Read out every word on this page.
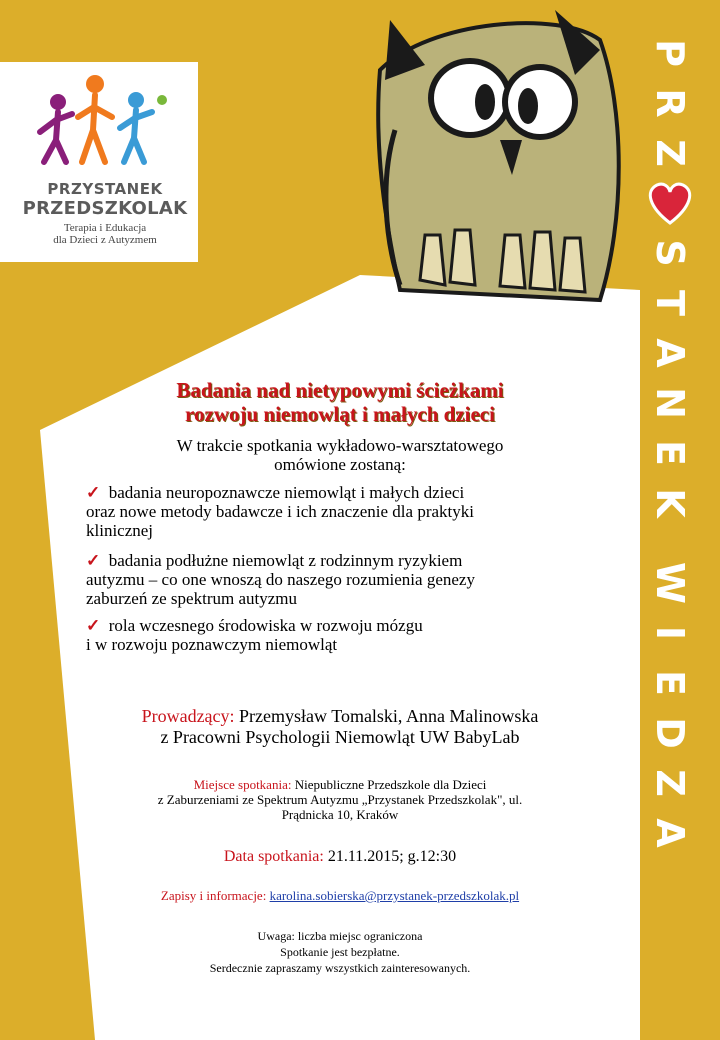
PRZYSTANEK
PRZEDSZKOLAK
Terapia i Edukacja
dla Dzieci z Autyzmem
P
R
Z
S
T
A
N
E
K
W
I
E
D
Z
A
Badania nad nietypowymi ścieżkami
rozwoju niemowląt i małych dzieci
W trakcie spotkania wykładowo-warsztatowego
omówione zostaną:
✓ badania neuropoznawcze niemowląt i małych dzieci
oraz nowe metody badawcze i ich znaczenie dla praktyki
klinicznej
✓ badania podłużne niemowląt z rodzinnym ryzykiem
autyzmu – co one wnoszą do naszego rozumienia genezy
zaburzeń ze spektrum autyzmu
✓ rola wczesnego środowiska w rozwoju mózgu
i w rozwoju poznawczym niemowląt
Prowadzący: Przemysław Tomalski, Anna Malinowska
z Pracowni Psychologii Niemowląt UW BabyLab
Miejsce spotkania: Niepubliczne Przedszkole dla Dzieci
z Zaburzeniami ze Spektrum Autyzmu „Przystanek Przedszkolak", ul.
Prądnicka 10, Kraków
Data spotkania: 21.11.2015; g.12:30
Zapisy i informacje: karolina.sobierska@przystanek-przedszkolak.pl
Uwaga: liczba miejsc ograniczona
Spotkanie jest bezpłatne.
Serdecznie zapraszamy wszystkich zainteresowanych.
